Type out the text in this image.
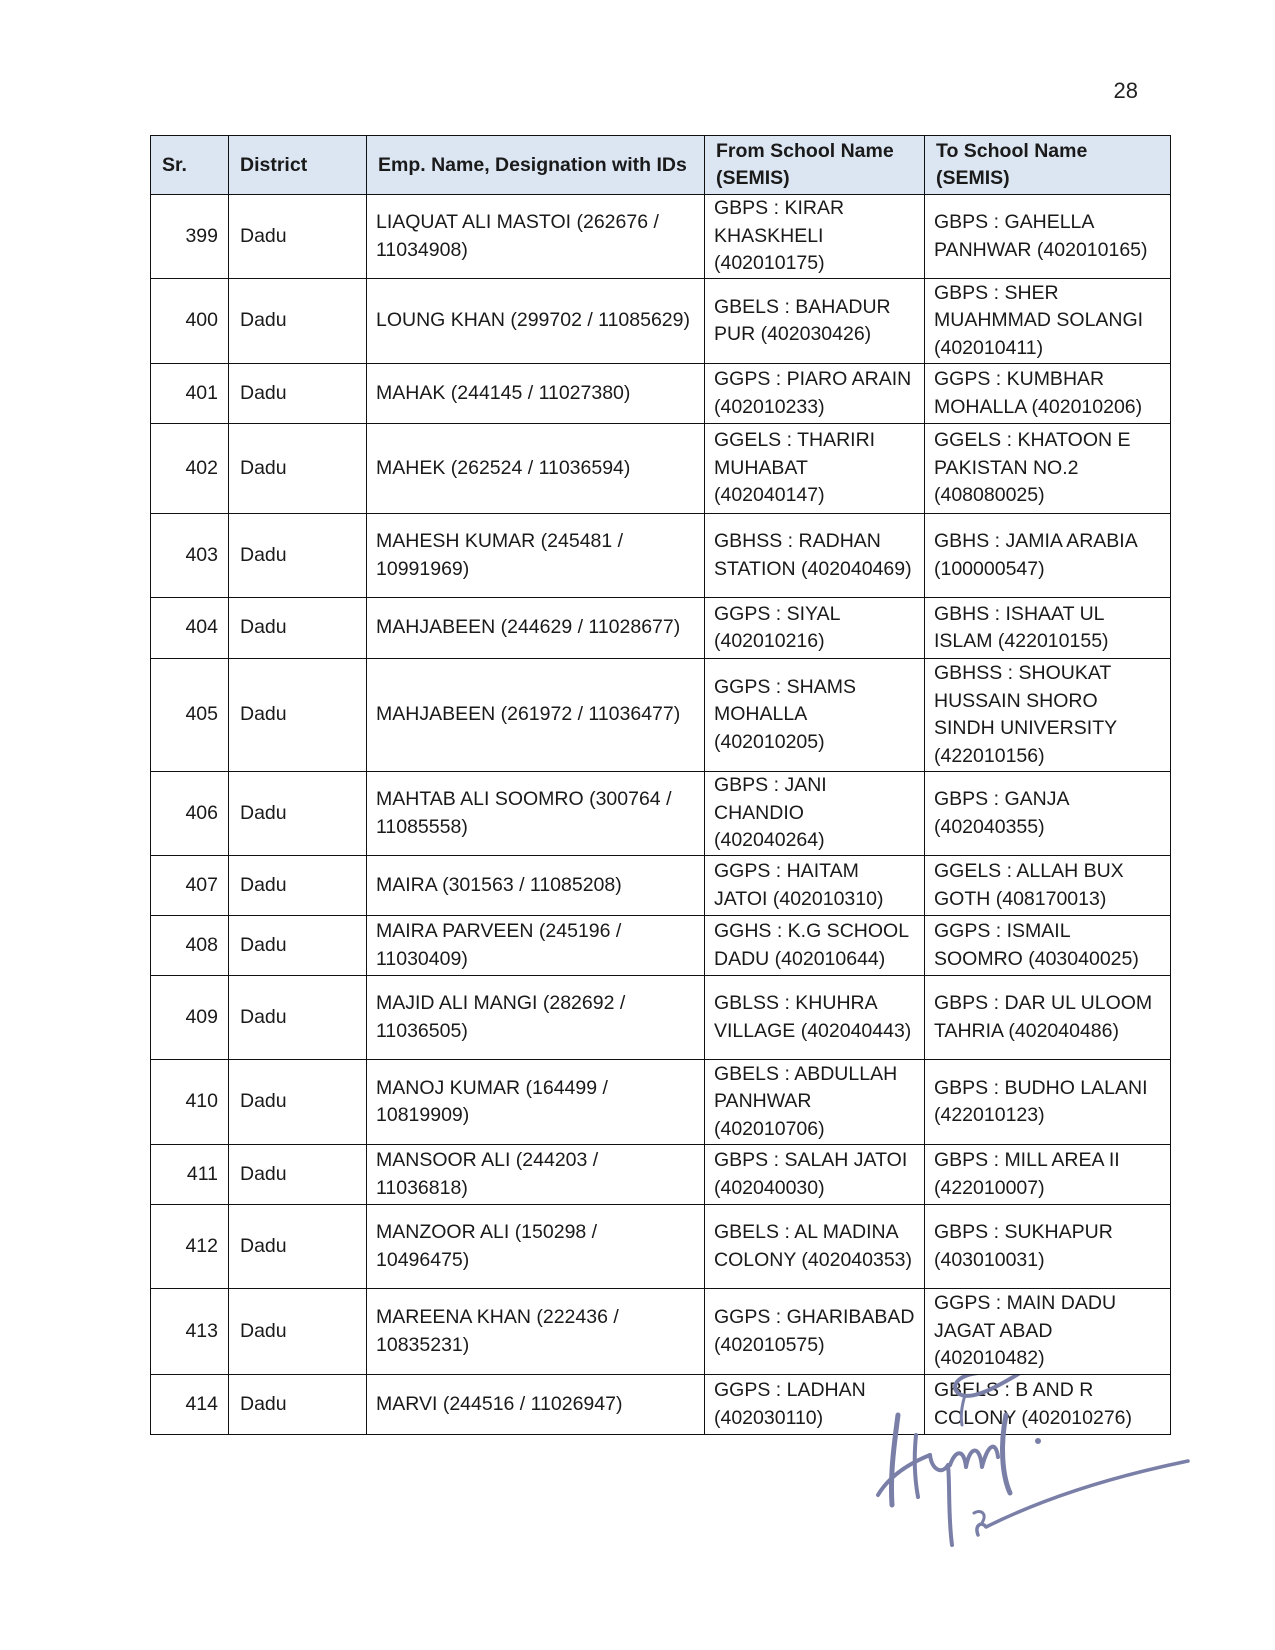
28
Sr.	District	Emp. Name, Designation with IDs	From School Name (SEMIS)	To School Name (SEMIS)
399	Dadu	LIAQUAT ALI MASTOI (262676 / 11034908)	GBPS : KIRAR KHASKHELI (402010175)	GBPS : GAHELLA PANHWAR (402010165)
400	Dadu	LOUNG KHAN (299702 / 11085629)	GBELS : BAHADUR PUR (402030426)	GBPS : SHER MUAHMMAD SOLANGI (402010411)
401	Dadu	MAHAK (244145 / 11027380)	GGPS : PIARO ARAIN (402010233)	GGPS : KUMBHAR MOHALLA (402010206)
402	Dadu	MAHEK (262524 / 11036594)	GGELS : THARIRI MUHABAT (402040147)	GGELS : KHATOON E PAKISTAN NO.2 (408080025)
403	Dadu	MAHESH KUMAR (245481 / 10991969)	GBHSS : RADHAN STATION (402040469)	GBHS : JAMIA ARABIA (100000547)
404	Dadu	MAHJABEEN (244629 / 11028677)	GGPS : SIYAL (402010216)	GBHS : ISHAAT UL ISLAM (422010155)
405	Dadu	MAHJABEEN (261972 / 11036477)	GGPS : SHAMS MOHALLA (402010205)	GBHSS : SHOUKAT HUSSAIN SHORO SINDH UNIVERSITY (422010156)
406	Dadu	MAHTAB ALI SOOMRO (300764 / 11085558)	GBPS : JANI CHANDIO (402040264)	GBPS : GANJA (402040355)
407	Dadu	MAIRA (301563 / 11085208)	GGPS : HAITAM JATOI (402010310)	GGELS : ALLAH BUX GOTH (408170013)
408	Dadu	MAIRA PARVEEN (245196 / 11030409)	GGHS : K.G SCHOOL DADU (402010644)	GGPS : ISMAIL SOOMRO (403040025)
409	Dadu	MAJID ALI MANGI (282692 / 11036505)	GBLSS : KHUHRA VILLAGE (402040443)	GBPS : DAR UL ULOOM TAHRIA (402040486)
410	Dadu	MANOJ KUMAR (164499 / 10819909)	GBELS : ABDULLAH PANHWAR (402010706)	GBPS : BUDHO LALANI (422010123)
411	Dadu	MANSOOR ALI (244203 / 11036818)	GBPS : SALAH JATOI (402040030)	GBPS : MILL AREA II (422010007)
412	Dadu	MANZOOR ALI (150298 / 10496475)	GBELS : AL MADINA COLONY (402040353)	GBPS : SUKHAPUR (403010031)
413	Dadu	MAREENA KHAN (222436 / 10835231)	GGPS : GHARIBABAD (402010575)	GGPS : MAIN DADU JAGAT ABAD (402010482)
414	Dadu	MARVI (244516 / 11026947)	GGPS : LADHAN (402030110)	GBELS : B AND R COLONY (402010276)
